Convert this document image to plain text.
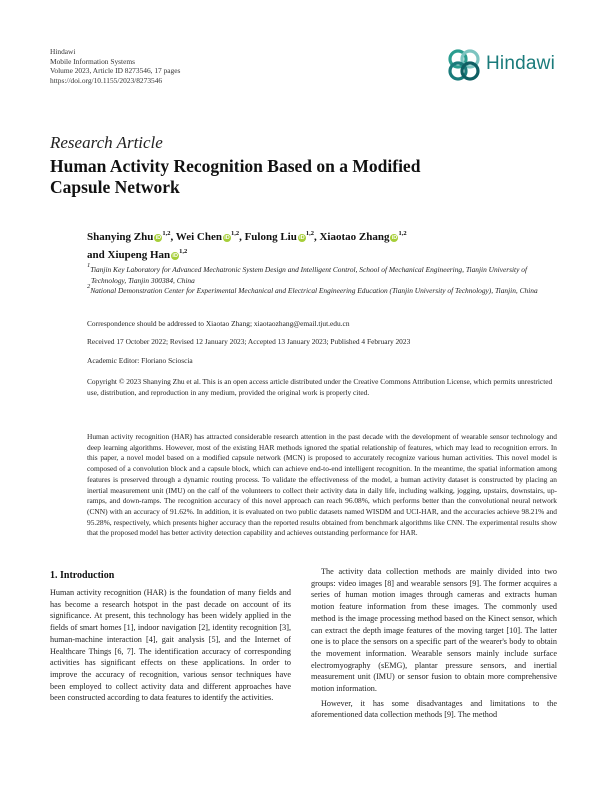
Hindawi
Mobile Information Systems
Volume 2023, Article ID 8273546, 17 pages
https://doi.org/10.1155/2023/8273546
Hindawi
Research Article
Human Activity Recognition Based on a Modified Capsule Network
Shanying Zhu iD$^{1,2}$, Wei Chen iD$^{1,2}$, Fulong Liu iD$^{1,2}$, Xiaotao Zhang iD$^{1,2}$
and Xiupeng Han iD$^{1,2}$

$^1$Tianjin Key Laboratory for Advanced Mechatronic System Design and Intelligent Control, School of Mechanical Engineering, Tianjin University of Technology, Tianjin 300384, China

$^2$National Demonstration Center for Experimental Mechanical and Electrical Engineering Education (Tianjin University of Technology), Tianjin, China

Correspondence should be addressed to Xiaotao Zhang; xiaotaozhang@email.tjut.edu.cn
Received 17 October 2022; Revised 12 January 2023; Accepted 13 January 2023; Published 4 February 2023
Academic Editor: Floriano Scioscia
Copyright © 2023 Shanying Zhu et al. This is an open access article distributed under the Creative Commons Attribution License, which permits unrestricted use, distribution, and reproduction in any medium, provided the original work is properly cited.
Human activity recognition (HAR) has attracted considerable research attention in the past decade with the development of wearable sensor technology and deep learning algorithms. However, most of the existing HAR methods ignored the spatial relationship of features, which may lead to recognition errors. In this paper, a novel model based on a modified capsule network (MCN) is proposed to accurately recognize various human activities. This novel model is composed of a convolution block and a capsule block, which can achieve end-to-end intelligent recognition. In the meantime, the spatial information among features is preserved through a dynamic routing process. To validate the effectiveness of the model, a human activity dataset is constructed by placing an inertial measurement unit (IMU) on the calf of the volunteers to collect their activity data in daily life, including walking, jogging, upstairs, downstairs, up-ramps, and down-ramps. The recognition accuracy of this novel approach can reach 96.08%, which performs better than the convolutional neural network (CNN) with an accuracy of 91.62%. In addition, it is evaluated on two public datasets named WISDM and UCI-HAR, and the accuracies achieve 98.21% and 95.28%, respectively, which presents higher accuracy than the reported results obtained from benchmark algorithms like CNN. The experimental results show that the proposed model has better activity detection capability and achieves outstanding performance for HAR.
1. Introduction

Human activity recognition (HAR) is the foundation of many fields and has become a research hotspot in the past decade on account of its significance. At present, this technology has been widely applied in the fields of smart homes [1], indoor navigation [2], identity recognition [3], human-machine interaction [4], gait analysis [5], and the Internet of Healthcare Things [6, 7]. The identification accuracy of corresponding activities has significant effects on these applications. In order to improve the accuracy of recognition, various sensor techniques have been employed to collect activity data and different approaches have been constructed according to data features to identify the activities.

The activity data collection methods are mainly divided into two groups: video images [8] and wearable sensors [9]. The former acquires a series of human motion images through cameras and extracts human motion feature information from these images. The commonly used method is the image processing method based on the Kinect sensor, which can extract the depth image features of the moving target [10]. The latter one is to place the sensors on a specific part of the wearer's body to obtain the movement information. Wearable sensors mainly include surface electromyography (sEMG), plantar pressure sensors, and inertial measurement unit (IMU) or sensor fusion to obtain more comprehensive motion information.

However, it has some disadvantages and limitations to the aforementioned data collection methods [9]. The method
